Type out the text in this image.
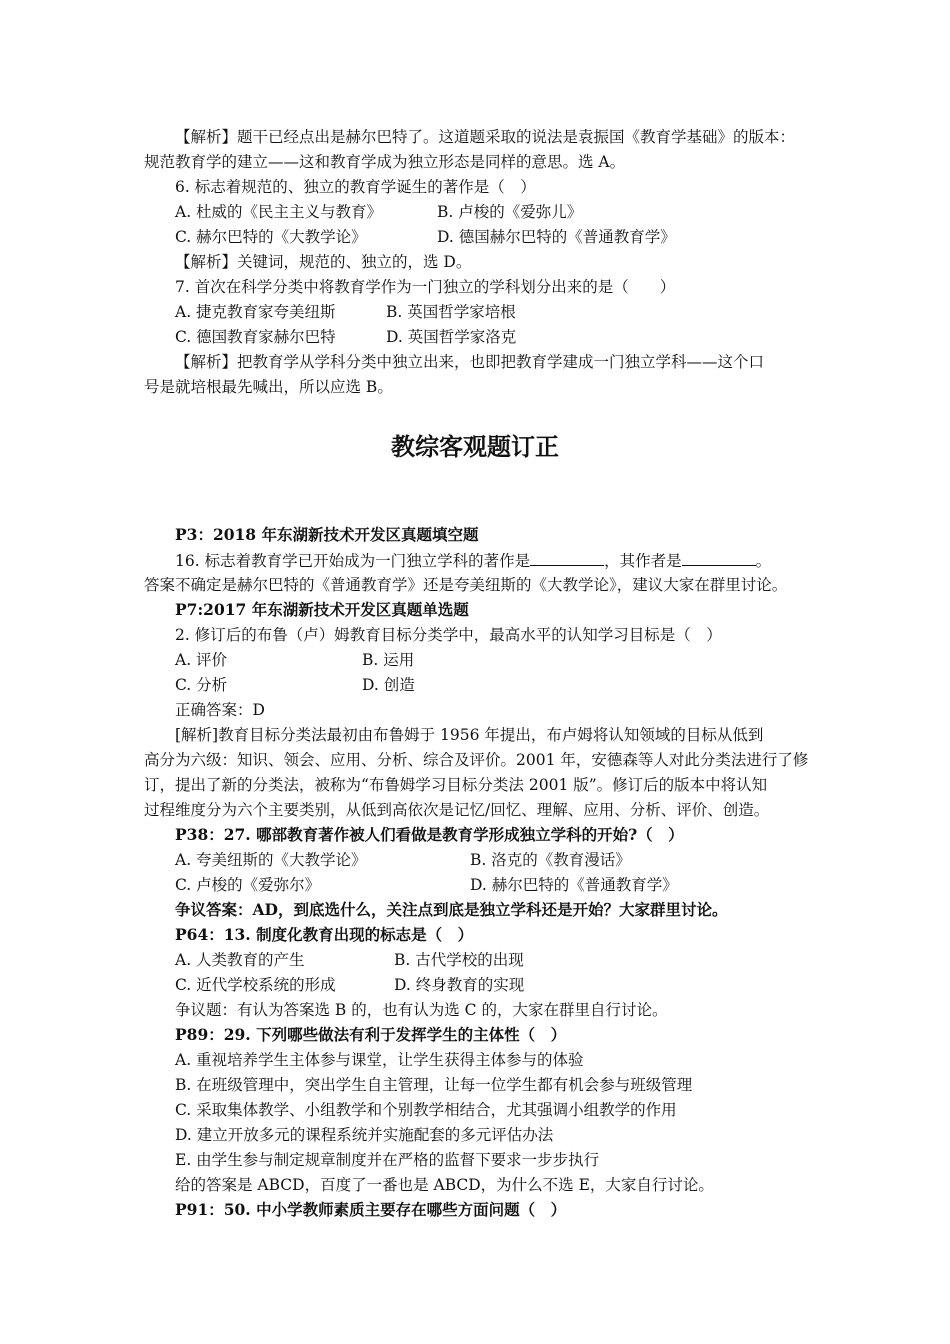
【解析】题干已经点出是赫尔巴特了。这道题采取的说法是袁振国《教育学基础》的版本：
规范教育学的建立——这和教育学成为独立形态是同样的意思。选 A。
6. 标志着规范的、独立的教育学诞生的著作是（　）
A. 杜威的《民主主义与教育》	B. 卢梭的《爱弥儿》
C. 赫尔巴特的《大教学论》	D. 德国赫尔巴特的《普通教育学》
【解析】关键词，规范的、独立的，选 D。
7. 首次在科学分类中将教育学作为一门独立的学科划分出来的是（　　）
A. 捷克教育家夸美纽斯	B. 英国哲学家培根
C. 德国教育家赫尔巴特	D. 英国哲学家洛克
【解析】把教育学从学科分类中独立出来，也即把教育学建成一门独立学科——这个口
号是就培根最先喊出，所以应选 B。
教综客观题订正
P3：2018 年东湖新技术开发区真题填空题
16. 标志着教育学已开始成为一门独立学科的著作是	，其作者是	。
答案不确定是赫尔巴特的《普通教育学》还是夸美纽斯的《大教学论》，建议大家在群里讨论。
P7:2017 年东湖新技术开发区真题单选题
2. 修订后的布鲁（卢）姆教育目标分类学中，最高水平的认知学习目标是（　）
A. 评价	B. 运用
C. 分析	D. 创造
正确答案：D
[解析]教育目标分类法最初由布鲁姆于 1956 年提出，布卢姆将认知领域的目标从低到
高分为六级：知识、领会、应用、分析、综合及评价。2001 年，安德森等人对此分类法进行了修
订，提出了新的分类法，被称为“布鲁姆学习目标分类法 2001 版”。修订后的版本中将认知
过程维度分为六个主要类别，从低到高依次是记忆/回忆、理解、应用、分析、评价、创造。
P38：27. 哪部教育著作被人们看做是教育学形成独立学科的开始?（　）
A. 夸美纽斯的《大教学论》	B. 洛克的《教育漫话》
C. 卢梭的《爱弥尔》	D. 赫尔巴特的《普通教育学》
争议答案：AD，到底选什么，关注点到底是独立学科还是开始？大家群里讨论。
P64：13. 制度化教育出现的标志是（　）
A. 人类教育的产生	B. 古代学校的出现
C. 近代学校系统的形成	D. 终身教育的实现
争议题：有认为答案选 B 的，也有认为选 C 的，大家在群里自行讨论。
P89：29. 下列哪些做法有利于发挥学生的主体性（　）
A. 重视培养学生主体参与课堂，让学生获得主体参与的体验
B. 在班级管理中，突出学生自主管理，让每一位学生都有机会参与班级管理
C. 采取集体教学、小组教学和个别教学相结合，尤其强调小组教学的作用
D. 建立开放多元的课程系统并实施配套的多元评估办法
E. 由学生参与制定规章制度并在严格的监督下要求一步步执行
给的答案是 ABCD，百度了一番也是 ABCD，为什么不选 E，大家自行讨论。
P91：50. 中小学教师素质主要存在哪些方面问题（　）
